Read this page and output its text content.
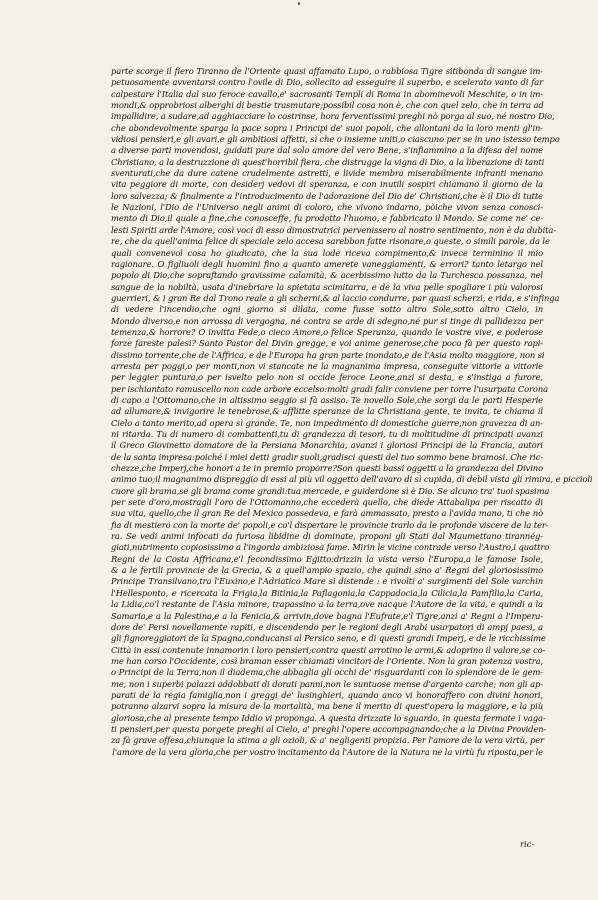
parte scorge il fiero Tiranno de l'Oriente quasi affamato Lupo, o rabbiosa Tigre sitibonda di sangue im-
petuosamente avventarsi contro l'ovile di Dio, sollecito ad esseguire il superbo, e scelerato vanto di far
calpestare l'Italia dal suo feroce cavallo,e' sacrosanti Templi di Roma in abominevoli Meschite, o in im-
mondi,& opprobriosi alberghi di bestie trasmutare;possibil cosa non è, che con quel zelo, che in terra ad
impallidire, a sudare,ad agghiacciare lo costrinse, hora ferventissimi preghi nò porga al suo, né nostro Dio,
che abondevolmente sparga la pace sopra i Principi de' suoi popoli, che allontani da la loro menti gl'in-
vidiosi pensieri,e gli avari,e gli ambitiosi affetti, sì che o insieme uniti,o ciascuno per se in uno istesso tempo
a diverse parti movendosi, guidati pure dal solo amore del vero Bene, s'infiammino a la difesa del nome
Christiano, a la destruzzione di quest'horribil fiera, che distrugge la vigna di Dio, a la liberazione di tanti
sventurati,che da dure catene crudelmente astretti, e livide membra miserabilmente infranti menano
vita peggiore di morte, con desiderj vedovi di speranza, e con inutili sospiri chiamano il giorno de la
loro salvezza; & finalmente a l'introducimento de l'adorazione del Dio de' Christiani,che è il Dio di tutte
le Nazioni, l'Dio de l'Universo negli animi di coloro, che vivono indarno, pòiche vivon senza conosci-
mento di Dio,il quale a fine,che conosceffe, fu prodotto l'huomo, e fabbricato il Mondo. Se come ne' ce-
lesti Spiriti arde l'Amore, così voci di esso dimostratrici pervenissero al nostro sentimento, non è da dubita-
re, che da quell'anima felice di speciale zelo accesa sarebbon fatte risonare,o queste, o simili parole, da le
quali convenevol cosa ho giudicato, che la sua lode riceva compimento,& invece terminino il mio
ragionare. O figliuoli degli huomini fino a quanto amerete vaneggiamenti, & errori? tanto letargo nel
popolo di Dio,che sopraftando gravissime calamità, & acerbissimo lutto da la Turchesca possanza, nel
sangue de la nobiltà, usata d'inebriare la spietata scimitarra, e de la viva pelle spogliare i più valorosi
guerrieri, & i gran Re dal Trono reale a gli scherni,& al laccio condurre, par quasi scherzi, e rida, e s'infinga
di vedere l'incendio,che ogni giorno si dilata, come fusse sotto altro Sole,sotto altro Cielo, in
Mondo diverso,e non arrossa di vergogna, né contra se arde di sdegno,né pur si tinge di pallidezza per
temenza,& horrore? O invitta Fede,o cieco Amore,o felice Speranza, quando le vostre vive, e poderose
forze fareste palesi? Santo Pastor del Divin gregge, e voi anime generose,che poco fà per questo rapi-
dissimo torrente,che de l'Affrica, e de l'Europa ha gran parte inondato,e de l'Asia molto maggiore, non si
arresta per poggi,o per monti,non vi stancate ne la magnanima impresa, conseguite vittorie a vittorie
per leggier puntura,o per isvelto pelo non si occide feroce Leone,anzi si desta, e s'instiga a furore,
per ischiantato ramuscello non cade arbore eccelso:molti gradi falir conviene per torre l'usurpata Corona
di capo a l'Ottomano,che in altissimo seggio si fà assiso. Te novello Sole,che sorgi da le parti Hesperie
ad allumare,& invigorire le tenebrose,& afflitte speranze de la Christiana gente, te invita, te chiama il
Cielo a tanto merito,ad opera sì grande. Te, non impedimento di domestiche guerre,non gravezza di an-
ni ritarda. Tu di numero di combattenti,tu di grandezza di tesori, tu di moltitudine di principati avanzi
il Greco Giovinetto domatore de la Persiana Monarchia, avanzi i gloriosi Principi de la Francia, autori
de la santa impresa:poiché i miei detti gradir suoli,gradisci questi del tuo sommo bene bramosi. Che ric-
chezze,che Imperj,che honori a te in premio proporre?Son questi bassi oggetti a la grandezza del Divino
animo tuo;il magnanimo dispreggio di essi al più vil oggetto dell'avaro di sì cupida, di debil vista gli rimira, e piccioli
cuore gli brama,se gli brama come grandi:tua mercede, e guiderdone sì è Dio. Se alcuno tra' tuoi spasima
per sete d'oro,mostragli l'oro de l'Ottomanno,che eccederà quello, che diede Attabalipa per riscatto di
sua vita, quello,che il gran Re del Mexico possedeva, e farà ammassato, presto a l'avida mano, ti che nò
fia di mestiero con la morte de' popoli,e co'l dispertare le provincie trarlo da le profonde viscere de la ter-
ra. Se vedi animi infocati da furiosa libidine di dominate, proponi gli Stati dal Maumettano tirannég-
giati,nutrimento copiosissimo a l'ingorda ambiziosa fame. Mirin le vicine contrade verso l'Austro,i quattro
Regni de la Costa Affricana,e'l fecondissimo Egitto:drizzin la vista verso l'Europa,a le famose Isole,
& a le fertili provincie de la Grecia, & a quell'ampio spazio, che quindi sino a' Regni del gloriosissimo
Principe Transilvano,tra l'Euxino,e l'Adriatico Mare si distende : e rivolti a' surgimenti del Sole varchin
l'Hellesponto, e ricercata la Frigia,la Bitinia,la Paflagonia,la Cappadocia,la Cilicia,la Pamfilia,la Caria,
la Lidia,co'l restante de l'Asia minore, trapassino a la terra,ove nacque l'Autore de la vita, e quindi a la
Samaria,e a la Palestina,e a la Fenicia,& arrivin,dove bagna l'Eufrate,e'l Tigre,anzi a' Regni a l'Impera-
dore de' Persi novellamente rapiti, e discendendo per le regioni degli Arabi usurpatori di ampj paesi, a
gli fignoreggiatori de la Spagna,conducansi al Persico seno, e di questi grandi Imperj, e de le ricchissime
Città in essi contenute innamorin i loro pensieri;contra questi arrotino le armi,& adoprino il valore,se co-
me han corso l'Occidente, così braman esser chiamati vincitori de l'Oriente. Non la gran potenza vostra,
o Principi de la Terra,non il diadema,che abbaglia gli occhi de' risguardanti con lo splendore de le gem-
me, non i superbi palazzi addobbati di dorati panni,non le suntuose mense d'argento carche; non gli ap-
parati de la regia famiglia,non i greggi de' lusinghieri, quando anco vi honoraffero con divini honori,
potranno alzarvi sopra la misura de la mortalità, ma bene il merito di quest'opera la maggiore, e la più
gloriosa,che al presente tempo Iddio vi proponga. A questa drizzate lo sguardo, in questa fermate i vaga-
ti pensieri,per questa porgete preghi al Cielo, a' preghi l'opere accompagnando;che a la Divina Providen-
za fà grave offesa,chiunque la stima a gli ozioli, & a' negligenti propizia. Per l'amore de la vera virtù, per
l'amore de la vera gloria,che per vostro incitamento da l'Autore de la Natura ne la virtù fu riposta,per le
ric-
